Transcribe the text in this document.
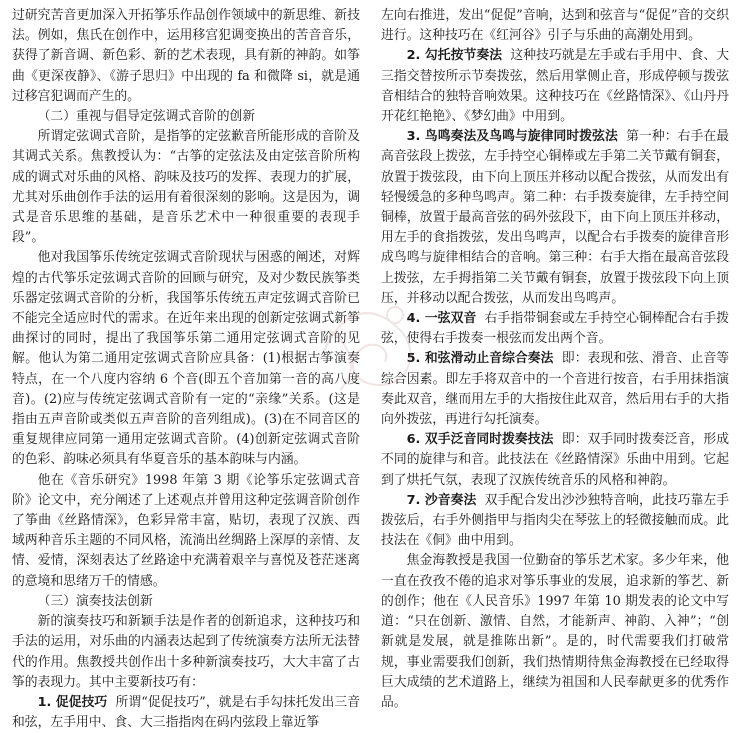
过研究苦音更加深入开拓筝乐作品创作领域中的新思维、新技法。例如，焦氏在创作中，运用移宫犯调变换出的苦音音乐，获得了新音调、新色彩、新的艺术表现，具有新的神韵。如筝曲《更深夜静》、《游子思归》中出现的 fa 和微降 si，就是通过移宫犯调而产生的。

（二）重视与倡导定弦调式音阶的创新

所谓定弦调式音阶，是指筝的定弦歉音所能形成的音阶及其调式关系。焦教授认为：“古筝的定弦法及由定弦音阶所构成的调式对乐曲的风格、韵味及技巧的发挥、表现力的扩展，尤其对乐曲创作手法的运用有着很深刻的影响。这是因为，调式是音乐思维的基础，是音乐艺术中一种很重要的表现手段”。

他对我国筝乐传统定弦调式音阶现状与困惑的阐述，对辉煌的古代筝乐定弦调式音阶的回顾与研究，及对少数民族筝类乐器定弦调式音阶的分析，我国筝乐传统五声定弦调式音阶已不能完全适应时代的需求。在近年来出现的创新定弦调式新筝曲探讨的同时，提出了我国筝乐第二通用定弦调式音阶的见解。他认为第二通用定弦调式音阶应具备：(1)根据古筝演奏特点，在一个八度内容纳 6 个音(即五个音加第一音的高八度音)。(2)应与传统定弦调式音阶有一定的“亲缘”关系。(这是指由五声音阶或类似五声音阶的音列组成)。(3)在不同音区的重复规律应同第一通用定弦调式音阶。(4)创新定弦调式音阶的色彩、韵味必须具有华夏音乐的基本韵味与内涵。

他在《音乐研究》1998 年第 3 期《论筝乐定弦调式音阶》论文中，充分阐述了上述观点并曾用这种定弦调音阶创作了筝曲《丝路情深》，色彩异常丰富，贴切，表现了汉族、西域两种音乐主题的不同风格，流淌出丝绸路上深厚的亲情、友情、爱情，深刻表达了丝路途中充满着艰辛与喜悦及苍茫迷离的意境和思绪万千的情感。

（三）演奏技法创新

新的演奏技巧和新颖手法是作者的创新追求，这种技巧和手法的运用，对乐曲的内涵表达起到了传统演奏方法所无法替代的作用。焦教授共创作出十多种新演奏技巧，大大丰富了古筝的表现力。其中主要新技巧有：

1. 促促技巧 所谓“促促技巧”，就是右手勾抹托发出三音和弦，左手用中、食、大三指指肉在码内弦段上靠近筝

左向右推进，发出“促促”音响，达到和弦音与“促促”音的交织进行。这种技巧在《红河谷》引子与乐曲的高潮处用到。

2. 勾托按节奏法 这种技巧就是左手或右手用中、食、大三指交替按所示节奏拨弦，然后用掌侧止音，形成停顿与拨弦音相结合的独特音响效果。这种技巧在《丝路情深》、《山丹丹开花红艳艳》、《梦幻曲》中用到。

3. 鸟鸣奏法及鸟鸣与旋律同时拨弦法 第一种：右手在最高音弦段上拨弦，左手持空心铜棒或左手第二关节戴有铜套，放置于拨弦段，由下向上顶压并移动以配合拨弦，从而发出有轻慢缓急的多种鸟鸣声。第二种：右手拨奏旋律，左手持空间铜棒，放置于最高音弦的码外弦段下，由下向上顶压并移动，用左手的食指拨弦，发出鸟鸣声，以配合右手拨奏的旋律音形成鸟鸣与旋律相结合的音响。第三种：右手大指在最高音弦段上拨弦，左手拇指第二关节戴有铜套，放置于拨弦段下向上顶压，并移动以配合拨弦，从而发出鸟鸣声。

4. 一弦双音 右手指带铜套或左手持空心铜棒配合右手拨弦，使得右手拨奏一根弦而发出两个音。

5. 和弦滑动止音综合奏法 即：表现和弦、滑音、止音等综合因素。即左手将双音中的一个音进行按音，右手用抹指演奏此双音，继而用左手的大指按住此双音，然后用右手的大指向外拨弦，再进行勾托演奏。

6. 双手泛音同时拨奏技法 即：双手同时拨奏泛音，形成不同的旋律与和音。此技法在《丝路情深》乐曲中用到。它起到了烘托气氛，表现了汉族传统音乐的风格和神韵。

7. 沙音奏法 双手配合发出沙沙独特音响，此技巧靠左手拨弦后，右手外侧指甲与指肉尖在琴弦上的轻微接触而成。此技法在《侗》曲中用到。

焦金海教授是我国一位勤奋的筝乐艺术家。多少年来，他一直在孜孜不倦的追求对筝乐事业的发展，追求新的筝艺、新的创作；他在《人民音乐》1997 年第 10 期发表的论文中写道：“只在创新、激情、自然，才能新声、神韵、入神”；“创新就是发展，就是推陈出新”。是的，时代需要我们打破常规，事业需要我们创新，我们热情期待焦金海教授在已经取得巨大成绩的艺术道路上，继续为祖国和人民奉献更多的优秀作品。
